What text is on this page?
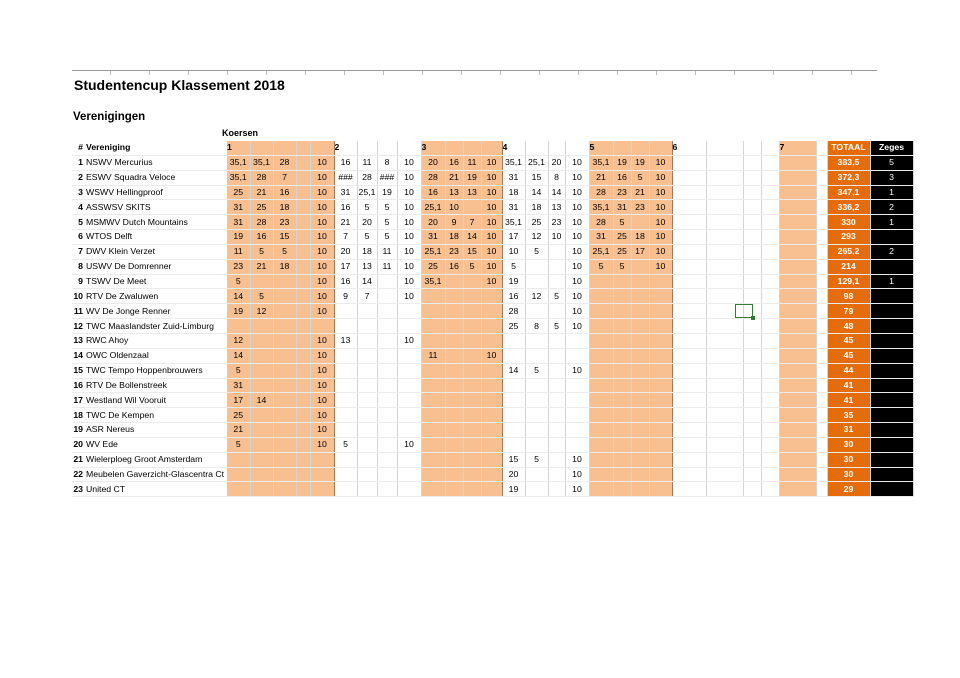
Studentencup Klassement 2018
Verenigingen
Koersen
#	Vereniging	1					2				3				4				5				6				7		TOTAAL	Zeges
1	NSWV Mercurius	35,1	35,1	28		10	16	11	8	10	20	16	11	10	35,1	25,1	20	10	35,1	19	19	10							383,5	5
2	ESWV Squadra Veloce	35,1	28	7		10	###	28	###	10	28	21	19	10	31	15	8	10	21	16	5	10							372,3	3
3	WSWV Hellingproof	25	21	16		10	31	25,1	19	10	16	13	13	10	18	14	14	10	28	23	21	10							347,1	1
4	ASSWSV SKITS	31	25	18		10	16	5	5	10	25,1	10		10	31	18	13	10	35,1	31	23	10							336,2	2
5	MSMWV Dutch Mountains	31	28	23		10	21	20	5	10	20	9	7	10	35,1	25	23	10	28	5		10							330	1
6	WTOS Delft	19	16	15		10	7	5	5	10	31	18	14	10	17	12	10	10	31	25	18	10							293	
7	DWV Klein Verzet	11	5	5		10	20	18	11	10	25,1	23	15	10	10	5		10	25,1	25	17	10							265,2	2
8	USWV De Domrenner	23	21	18		10	17	13	11	10	25	16	5	10	5			10	5	5		10							214	
9	TSWV De Meet	5				10	16	14		10	35,1			10	19			10											129,1	1
10	RTV De Zwaluwen	14	5			10	9	7		10					16	12	5	10											98	
11	WV De Jonge Renner	19	12			10									28			10											79	
12	TWC Maaslandster Zuid-Limburg														25	8	5	10											48	
13	RWC Ahoy	12				10	13			10																			45	
14	OWC Oldenzaal	14				10					11			10															45	
15	TWC Tempo Hoppenbrouwers	5				10									14	5		10											44	
16	RTV De Bollenstreek	31				10																							41	
17	Westland Wil Vooruit	17	14			10																							41	
18	TWC De Kempen	25				10																							35	
19	ASR Nereus	21				10																							31	
20	WV Ede	5				10	5			10																			30	
21	Wielerploeg Groot Amsterdam														15	5		10											30	
22	Meubelen Gaverzicht-Glascentra Ct														20			10											30	
23	United CT														19			10											29	
